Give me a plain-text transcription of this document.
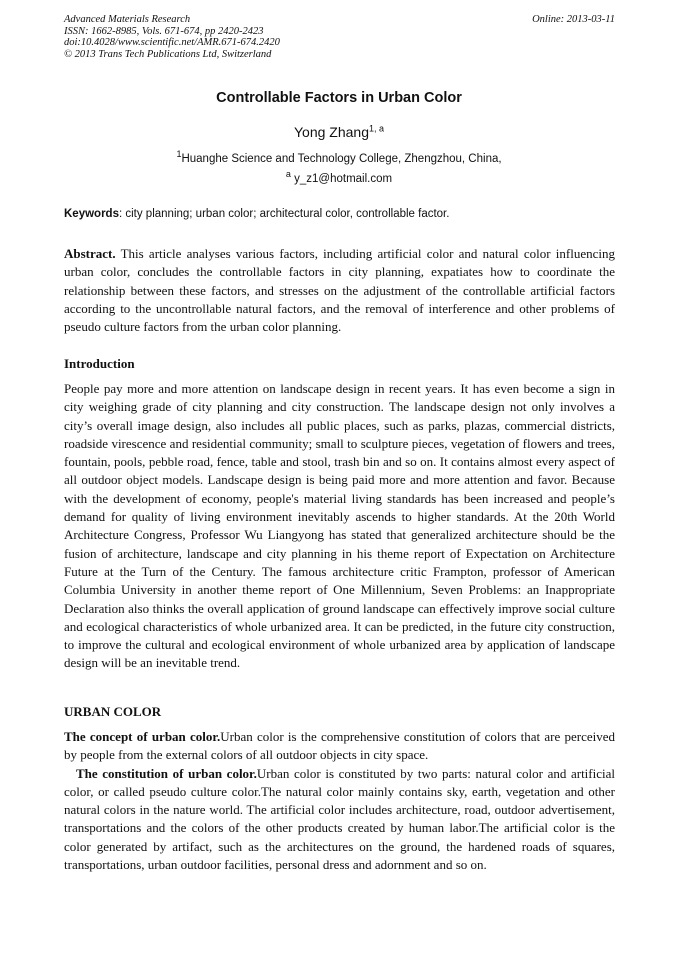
Advanced Materials Research
ISSN: 1662-8985, Vols. 671-674, pp 2420-2423
doi:10.4028/www.scientific.net/AMR.671-674.2420
© 2013 Trans Tech Publications Ltd, Switzerland
Online: 2013-03-11
Controllable Factors in Urban Color
Yong Zhang$^{1, a}$
$^1$Huanghe Science and Technology College, Zhengzhou, China,
$^a$ y_z1@hotmail.com
Keywords: city planning; urban color; architectural color, controllable factor.
Abstract. This article analyses various factors, including artificial color and natural color influencing urban color, concludes the controllable factors in city planning, expatiates how to coordinate the relationship between these factors, and stresses on the adjustment of the controllable artificial factors according to the uncontrollable natural factors, and the removal of interference and other problems of pseudo culture factors from the urban color planning.
Introduction
People pay more and more attention on landscape design in recent years. It has even become a sign in city weighing grade of city planning and city construction. The landscape design not only involves a city’s overall image design, also includes all public places, such as parks, plazas, commercial districts, roadside virescence and residential community; small to sculpture pieces, vegetation of flowers and trees, fountain, pools, pebble road, fence, table and stool, trash bin and so on. It contains almost every aspect of all outdoor object models. Landscape design is being paid more and more attention and favor. Because with the development of economy, people's material living standards has been increased and people’s demand for quality of living environment inevitably ascends to higher standards. At the 20th World Architecture Congress, Professor Wu Liangyong has stated that generalized architecture should be the fusion of architecture, landscape and city planning in his theme report of Expectation on Architecture Future at the Turn of the Century. The famous architecture critic Frampton, professor of American Columbia University in another theme report of One Millennium, Seven Problems: an Inappropriate Declaration also thinks the overall application of ground landscape can effectively improve social culture and ecological characteristics of whole urbanized area. It can be predicted, in the future city construction, to improve the cultural and ecological environment of whole urbanized area by application of landscape design will be an inevitable trend.
URBAN COLOR
The concept of urban color.Urban color is the comprehensive constitution of colors that are perceived by people from the external colors of all outdoor objects in city space.
The constitution of urban color.Urban color is constituted by two parts: natural color and artificial color, or called pseudo culture color.The natural color mainly contains sky, earth, vegetation and other natural colors in the nature world. The artificial color includes architecture, road, outdoor advertisement, transportations and the colors of the other products created by human labor.The artificial color is the color generated by artifact, such as the architectures on the ground, the hardened roads of squares, transportations, urban outdoor facilities, personal dress and adornment and so on.
